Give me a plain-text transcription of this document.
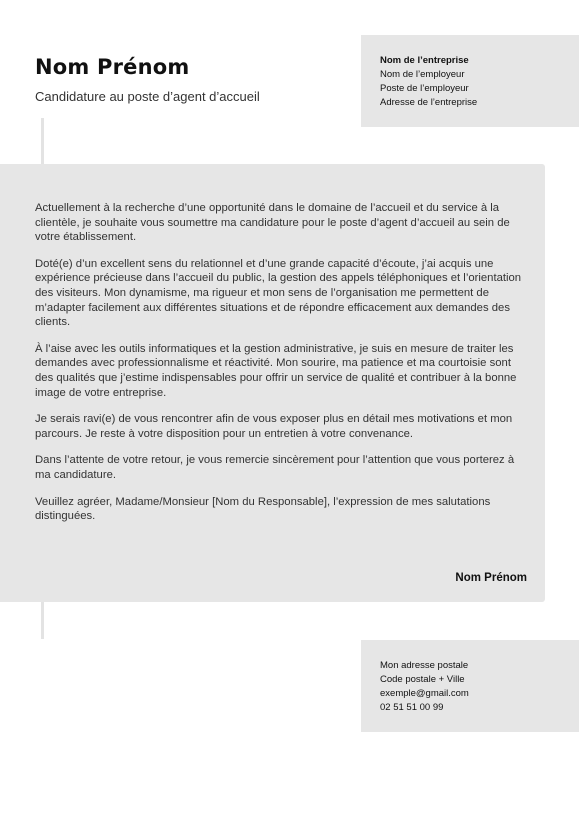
Nom Prénom
Candidature au poste d’agent d’accueil
Nom de l’entreprise
Nom de l’employeur
Poste de l’employeur
Adresse de l’entreprise

Actuellement à la recherche d’une opportunité dans le domaine de l’accueil et du service à la clientèle, je souhaite vous soumettre ma candidature pour le poste d’agent d’accueil au sein de votre établissement.

Doté(e) d’un excellent sens du relationnel et d’une grande capacité d’écoute, j’ai acquis une expérience précieuse dans l’accueil du public, la gestion des appels téléphoniques et l’orientation des visiteurs. Mon dynamisme, ma rigueur et mon sens de l’organisation me permettent de m’adapter facilement aux différentes situations et de répondre efficacement aux demandes des clients.

À l’aise avec les outils informatiques et la gestion administrative, je suis en mesure de traiter les demandes avec professionnalisme et réactivité. Mon sourire, ma patience et ma courtoisie sont des qualités que j’estime indispensables pour offrir un service de qualité et contribuer à la bonne image de votre entreprise.

Je serais ravi(e) de vous rencontrer afin de vous exposer plus en détail mes motivations et mon parcours. Je reste à votre disposition pour un entretien à votre convenance.

Dans l’attente de votre retour, je vous remercie sincèrement pour l’attention que vous porterez à ma candidature.

Veuillez agréer, Madame/Monsieur [Nom du Responsable], l’expression de mes salutations distinguées.

Nom Prénom
Mon adresse postale
Code postale + Ville
exemple@gmail.com
02 51 51 00 99
